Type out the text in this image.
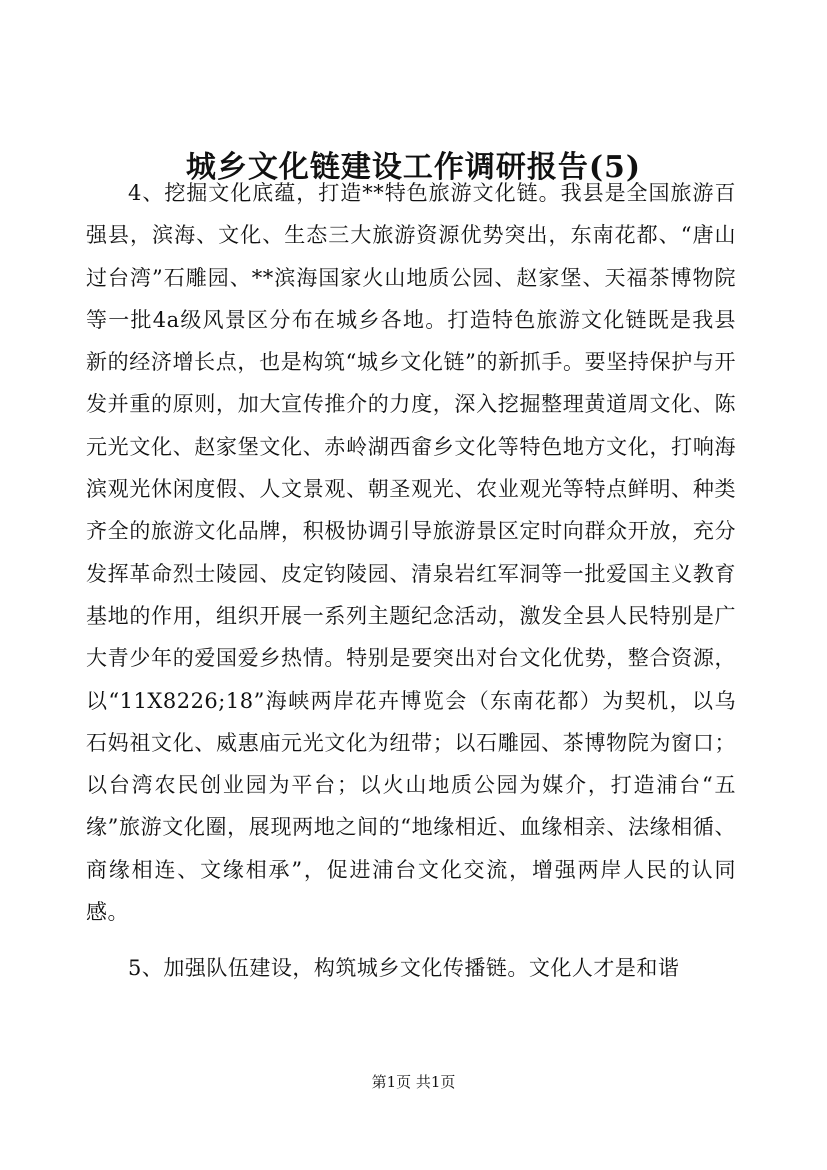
城乡文化链建设工作调研报告(5)

4、挖掘文化底蕴，打造**特色旅游文化链。我县是全国旅游百强县，滨海、文化、生态三大旅游资源优势突出，东南花都、“唐山过台湾”石雕园、**滨海国家火山地质公园、赵家堡、天福茶博物院等一批4a级风景区分布在城乡各地。打造特色旅游文化链既是我县新的经济增长点，也是构筑“城乡文化链”的新抓手。要坚持保护与开发并重的原则，加大宣传推介的力度，深入挖掘整理黄道周文化、陈元光文化、赵家堡文化、赤岭湖西畲乡文化等特色地方文化，打响海滨观光休闲度假、人文景观、朝圣观光、农业观光等特点鲜明、种类齐全的旅游文化品牌，积极协调引导旅游景区定时向群众开放，充分发挥革命烈士陵园、皮定钧陵园、清泉岩红军洞等一批爱国主义教育基地的作用，组织开展一系列主题纪念活动，激发全县人民特别是广大青少年的爱国爱乡热情。特别是要突出对台文化优势，整合资源，以“11X8226;18”海峡两岸花卉博览会（东南花都）为契机，以乌石妈祖文化、威惠庙元光文化为纽带；以石雕园、茶博物院为窗口；以台湾农民创业园为平台；以火山地质公园为媒介，打造浦台“五缘”旅游文化圈，展现两地之间的“地缘相近、血缘相亲、法缘相循、商缘相连、文缘相承”，促进浦台文化交流，增强两岸人民的认同感。

5、加强队伍建设，构筑城乡文化传播链。文化人才是和谐

第1页 共1页
